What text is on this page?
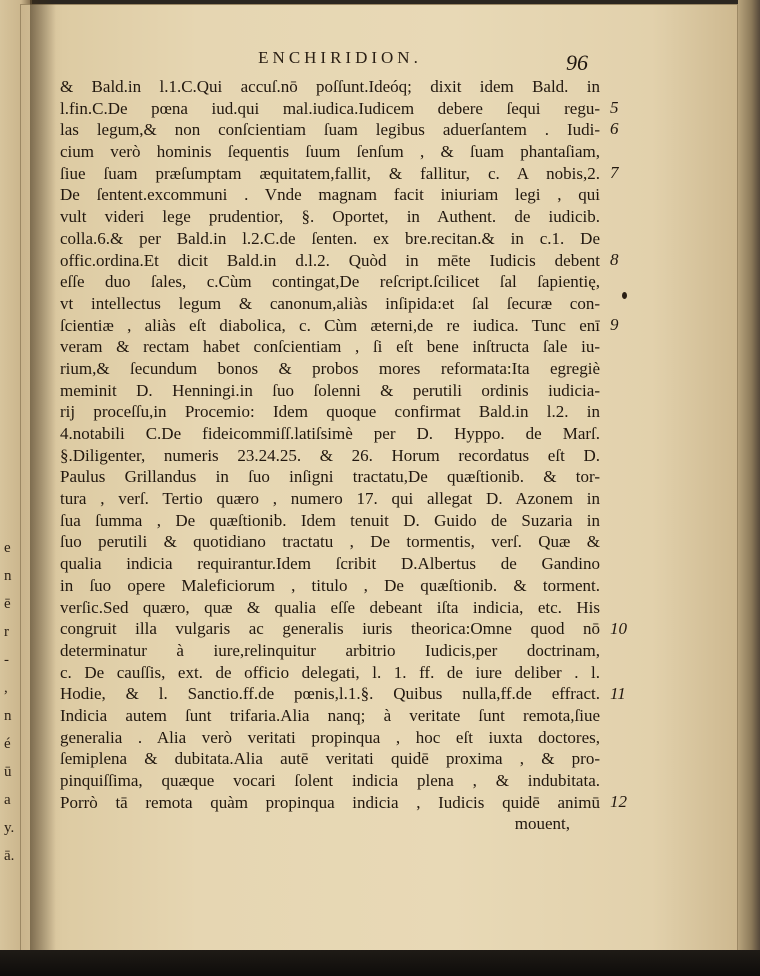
e
n
ē
r
-
,
n
é
ū
a
y.
ā.
ENCHIRIDION.	96
& Bald.in l.1.C.Qui accuſ.nō poſſunt.Ideóq; dixit idem Bald. in
l.fin.C.De pœna iud.qui mal.iudica.Iudicem debere ſequi regu-
las legum,& non conſcientiam ſuam legibus aduerſantem . Iudi-
cium verò hominis ſequentis ſuum ſenſum , & ſuam phantaſiam,
ſiue ſuam præſumptam æquitatem,fallit, & fallitur, c. A nobis,2.
De ſentent.excommuni . Vnde magnam facit iniuriam legi , qui
vult videri lege prudentior, §. Oportet, in Authent. de iudicib.
colla.6.& per Bald.in l.2.C.de ſenten. ex bre.recitan.& in c.1. De
offic.ordina.Et dicit Bald.in d.l.2. Quòd in mēte Iudicis debent
eſſe duo ſales, c.Cùm contingat,De reſcript.ſcilicet ſal ſapientię,
vt intellectus legum & canonum,aliàs inſipida:et ſal ſecuræ con-
ſcientiæ , aliàs eſt diabolica, c. Cùm æterni,de re iudica. Tunc enī
veram & rectam habet conſcientiam , ſi eſt bene inſtructa ſale iu-
rium,& ſecundum bonos & probos mores reformata:Ita egregiè
meminit D. Henningi.in ſuo ſolenni & perutili ordinis iudicia-
rij proceſſu,in Procemio: Idem quoque confirmat Bald.in l.2. in
4.notabili C.De fideicommiſſ.latiſsimè per D. Hyppo. de Marſ.
§.Diligenter, numeris 23.24.25. & 26. Horum recordatus eſt D.
Paulus Grillandus in ſuo inſigni tractatu,De quæſtionib. & tor-
tura , verſ. Tertio quæro , numero 17. qui allegat D. Azonem in
ſua ſumma , De quæſtionib. Idem tenuit D. Guido de Suzaria in
ſuo perutili & quotidiano tractatu , De tormentis, verſ. Quæ &
qualia indicia requirantur.Idem ſcribit D.Albertus de Gandino
in ſuo opere Maleficiorum , titulo , De quæſtionib. & torment.
verſic.Sed quæro, quæ & qualia eſſe debeant iſta indicia, etc. His
congruit illa vulgaris ac generalis iuris theorica:Omne quod nō
determinatur à iure,relinquitur arbitrio Iudicis,per doctrinam,
c. De cauſſis, ext. de officio delegati, l. 1. ff. de iure deliber . l.
Hodie, & l. Sanctio.ff.de pœnis,l.1.§. Quibus nulla,ff.de effract.
Indicia autem ſunt trifaria.Alia nanq; à veritate ſunt remota,ſiue
generalia . Alia verò veritati propinqua , hoc eſt iuxta doctores,
ſemiplena & dubitata.Alia autē veritati quidē proxima , & pro-
pinquiſſima, quæque vocari ſolent indicia plena , & indubitata.
Porrò tā remota quàm propinqua indicia , Iudicis quidē animū
mouent,
5
6
7
8
9
10
11
12
